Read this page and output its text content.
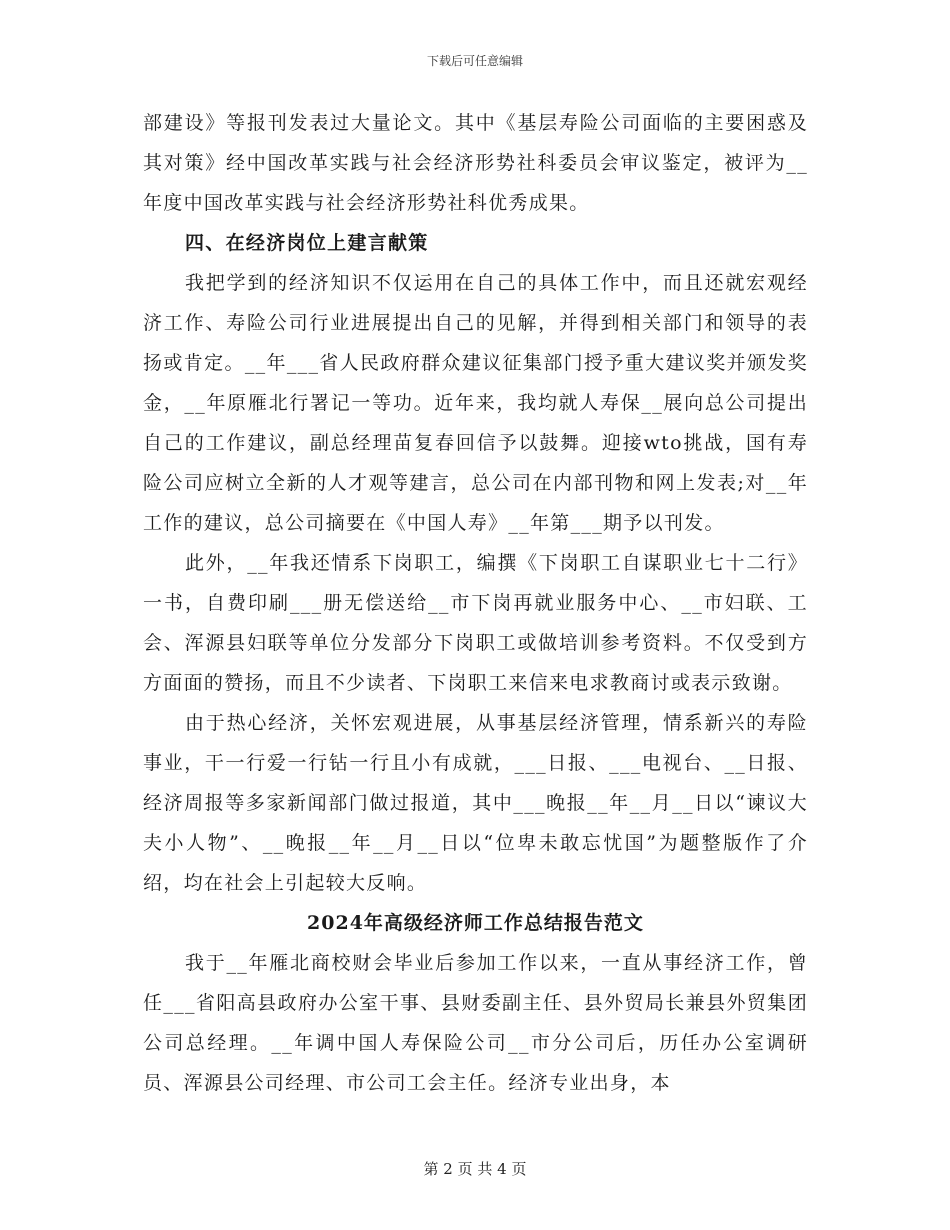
下载后可任意编辑

部建设》等报刊发表过大量论文。其中《基层寿险公司面临的主要困惑及其对策》经中国改革实践与社会经济形势社科委员会审议鉴定，被评为__年度中国改革实践与社会经济形势社科优秀成果。

四、在经济岗位上建言献策

我把学到的经济知识不仅运用在自己的具体工作中，而且还就宏观经济工作、寿险公司行业进展提出自己的见解，并得到相关部门和领导的表扬或肯定。__年___省人民政府群众建议征集部门授予重大建议奖并颁发奖金，__年原雁北行署记一等功。近年来，我均就人寿保__展向总公司提出自己的工作建议，副总经理苗复春回信予以鼓舞。迎接wto挑战，国有寿险公司应树立全新的人才观等建言，总公司在内部刊物和网上发表;对__年工作的建议，总公司摘要在《中国人寿》__年第___期予以刊发。

此外，__年我还情系下岗职工，编撰《下岗职工自谋职业七十二行》一书，自费印刷___册无偿送给__市下岗再就业服务中心、__市妇联、工会、浑源县妇联等单位分发部分下岗职工或做培训参考资料。不仅受到方方面面的赞扬，而且不少读者、下岗职工来信来电求教商讨或表示致谢。

由于热心经济，关怀宏观进展，从事基层经济管理，情系新兴的寿险事业，干一行爱一行钻一行且小有成就，___日报、___电视台、__日报、经济周报等多家新闻部门做过报道，其中___晚报__年__月__日以“谏议大夫小人物”、__晚报__年__月__日以“位卑未敢忘忧国”为题整版作了介绍，均在社会上引起较大反响。

2024年高级经济师工作总结报告范文

我于__年雁北商校财会毕业后参加工作以来，一直从事经济工作，曾任___省阳高县政府办公室干事、县财委副主任、县外贸局长兼县外贸集团公司总经理。__年调中国人寿保险公司__市分公司后，历任办公室调研员、浑源县公司经理、市公司工会主任。经济专业出身，本

第 2 页 共 4 页
